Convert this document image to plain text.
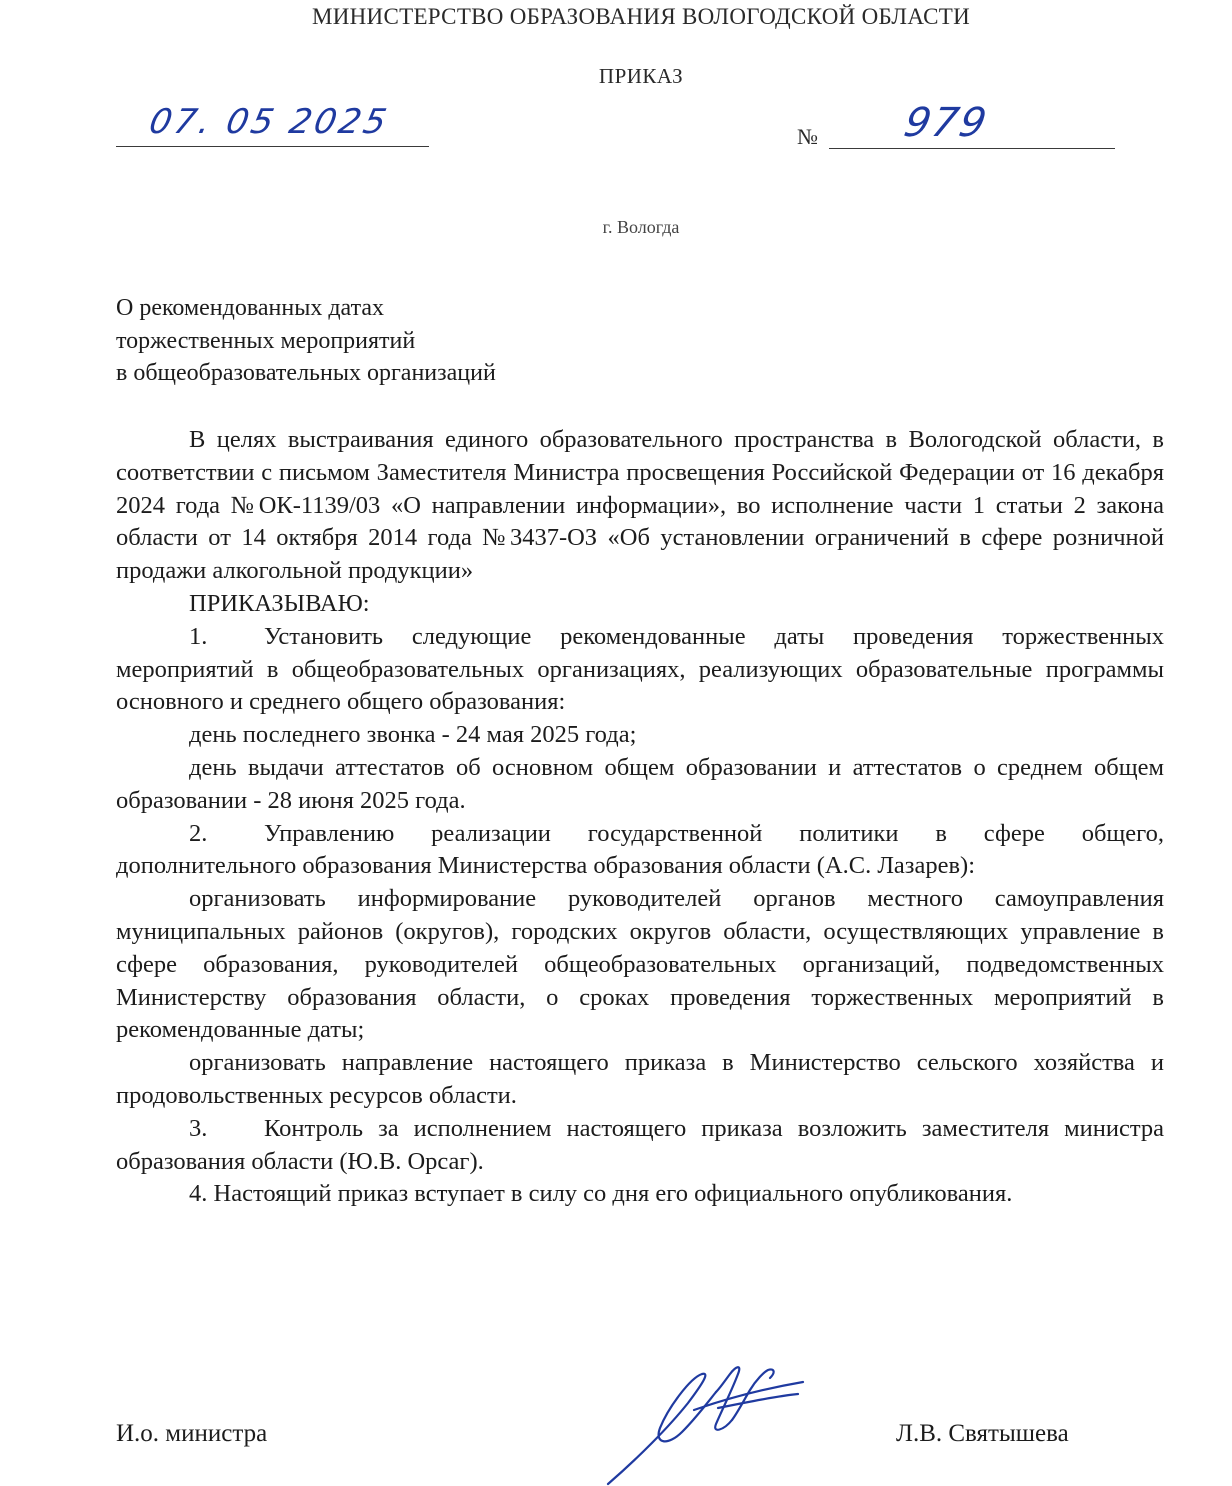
МИНИСТЕРСТВО ОБРАЗОВАНИЯ ВОЛОГОДСКОЙ ОБЛАСТИ
ПРИКАЗ
07. 05 2025	№ 979
г. Вологда
О рекомендованных датах
торжественных мероприятий
в общеобразовательных организаций

В целях выстраивания единого образовательного пространства в Вологодской области, в соответствии с письмом Заместителя Министра просвещения Российской Федерации от 16 декабря 2024 года №ОК-1139/03 «О направлении информации», во исполнение части 1 статьи 2 закона области от 14 октября 2014 года №3437-ОЗ «Об установлении ограничений в сфере розничной продажи алкогольной продукции»

ПРИКАЗЫВАЮ:

1. Установить следующие рекомендованные даты проведения торжественных мероприятий в общеобразовательных организациях, реализующих образовательные программы основного и среднего общего образования:

день последнего звонка - 24 мая 2025 года;

день выдачи аттестатов об основном общем образовании и аттестатов о среднем общем образовании - 28 июня 2025 года.

2. Управлению реализации государственной политики в сфере общего, дополнительного образования Министерства образования области (А.С. Лазарев):

организовать информирование руководителей органов местного самоуправления муниципальных районов (округов), городских округов области, осуществляющих управление в сфере образования, руководителей общеобразовательных организаций, подведомственных Министерству образования области, о сроках проведения торжественных мероприятий в рекомендованные даты;

организовать направление настоящего приказа в Министерство сельского хозяйства и продовольственных ресурсов области.

3. Контроль за исполнением настоящего приказа возложить заместителя министра образования области (Ю.В. Орсаг).

4. Настоящий приказ вступает в силу со дня его официального опубликования.

И.о. министра	Л.В. Святышева
